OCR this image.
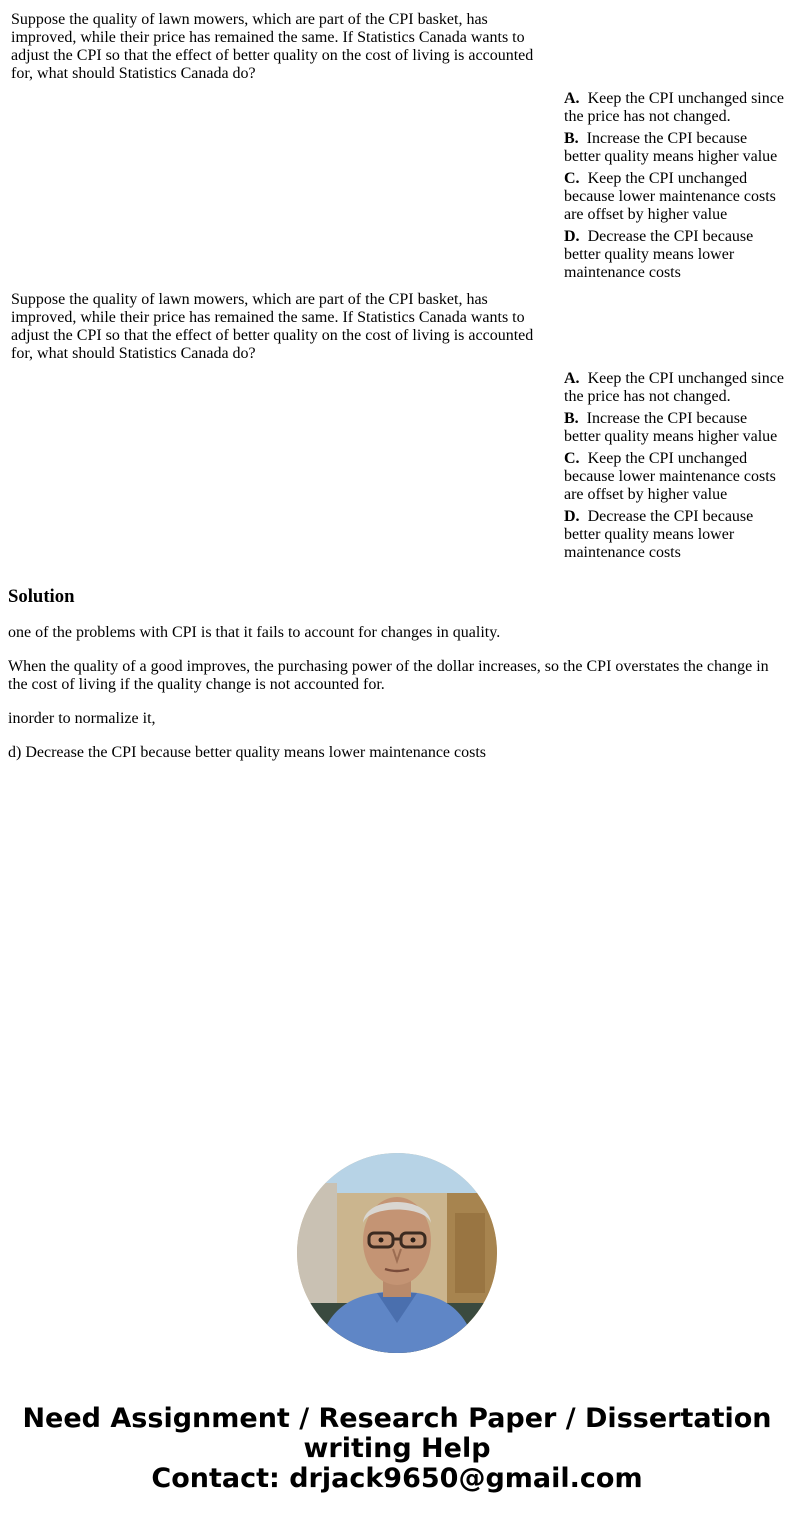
Suppose the quality of lawn mowers, which are part of the CPI basket, has improved, while their price has remained the same. If Statistics Canada wants to adjust the CPI so that the effect of better quality on the cost of living is accounted for, what should Statistics Canada do?
A. Keep the CPI unchanged since the price has not changed.
B. Increase the CPI because better quality means higher value
C. Keep the CPI unchanged because lower maintenance costs are offset by higher value
D. Decrease the CPI because better quality means lower maintenance costs
Suppose the quality of lawn mowers, which are part of the CPI basket, has improved, while their price has remained the same. If Statistics Canada wants to adjust the CPI so that the effect of better quality on the cost of living is accounted for, what should Statistics Canada do?
A. Keep the CPI unchanged since the price has not changed.
B. Increase the CPI because better quality means higher value
C. Keep the CPI unchanged because lower maintenance costs are offset by higher value
D. Decrease the CPI because better quality means lower maintenance costs
Solution

one of the problems with CPI is that it fails to account for changes in quality.

When the quality of a good improves, the purchasing power of the dollar increases, so the CPI overstates the change in the cost of living if the quality change is not accounted for.

inorder to normalize it,

d) Decrease the CPI because better quality means lower maintenance costs

Need Assignment / Research Paper / Dissertation
writing Help
Contact: drjack9650@gmail.com
